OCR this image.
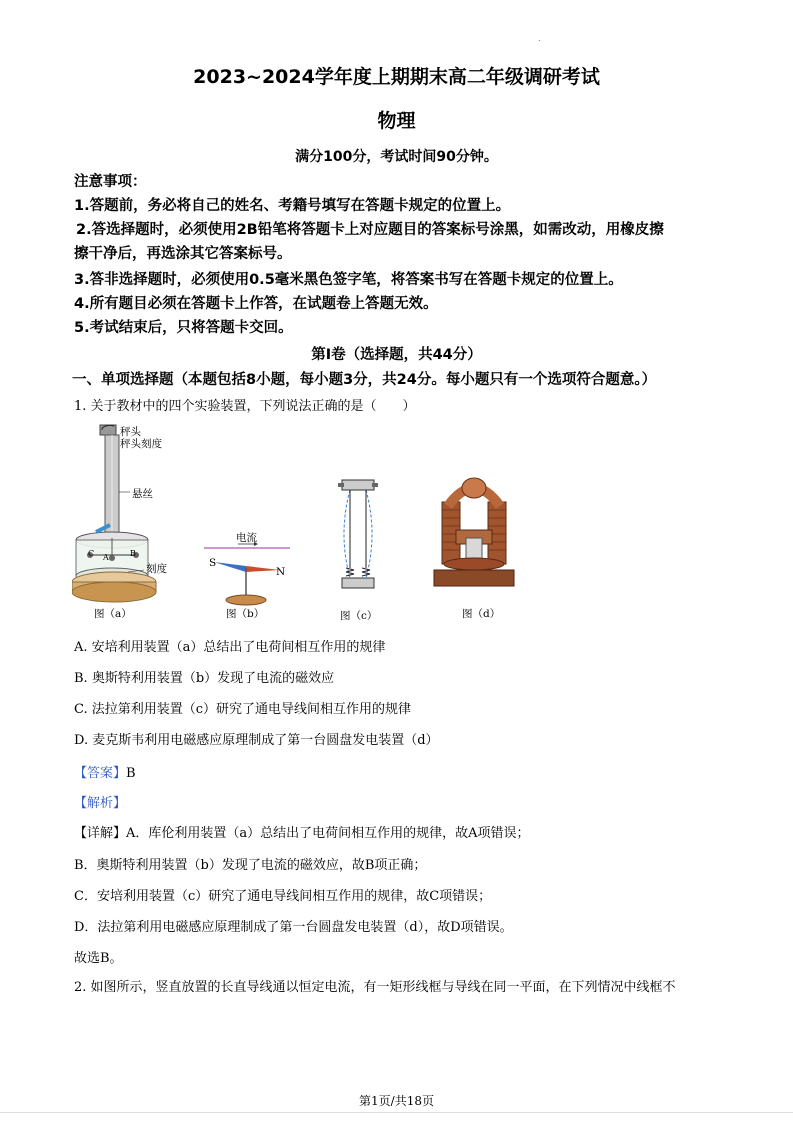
.
2023~2024学年度上期期末高二年级调研考试
物理
满分100分，考试时间90分钟。
注意事项：
1.答题前，务必将自己的姓名、考籍号填写在答题卡规定的位置上。
2.答选择题时，必须使用2B铅笔将答题卡上对应题目的答案标号涂黑，如需改动，用橡皮擦
擦干净后，再选涂其它答案标号。
3.答非选择题时，必须使用0.5毫米黑色签字笔，将答案书写在答题卡规定的位置上。
4.所有题目必须在答题卡上作答，在试题卷上答题无效。
5.考试结束后，只将答题卡交回。
第Ⅰ卷（选择题，共44分）
一、单项选择题（本题包括8小题，每小题3分，共24分。每小题只有一个选项符合题意。）
1. 关于教材中的四个实验装置，下列说法正确的是（　　）
秤头
秤头刻度
悬丝
刻度
C A	B
图（a）
电流
S
N
图（b）	图（c）	图（d）
A. 安培利用装置（a）总结出了电荷间相互作用的规律
B. 奥斯特利用装置（b）发现了电流的磁效应
C. 法拉第利用装置（c）研究了通电导线间相互作用的规律
D. 麦克斯韦利用电磁感应原理制成了第一台圆盘发电装置（d）
【答案】B
【解析】
【详解】A．库伦利用装置（a）总结出了电荷间相互作用的规律，故A项错误；
B．奥斯特利用装置（b）发现了电流的磁效应，故B项正确；
C．安培利用装置（c）研究了通电导线间相互作用的规律，故C项错误；
D．法拉第利用电磁感应原理制成了第一台圆盘发电装置（d），故D项错误。
故选B。
2. 如图所示，竖直放置的长直导线通以恒定电流，有一矩形线框与导线在同一平面，在下列情况中线框不
第1页/共18页
